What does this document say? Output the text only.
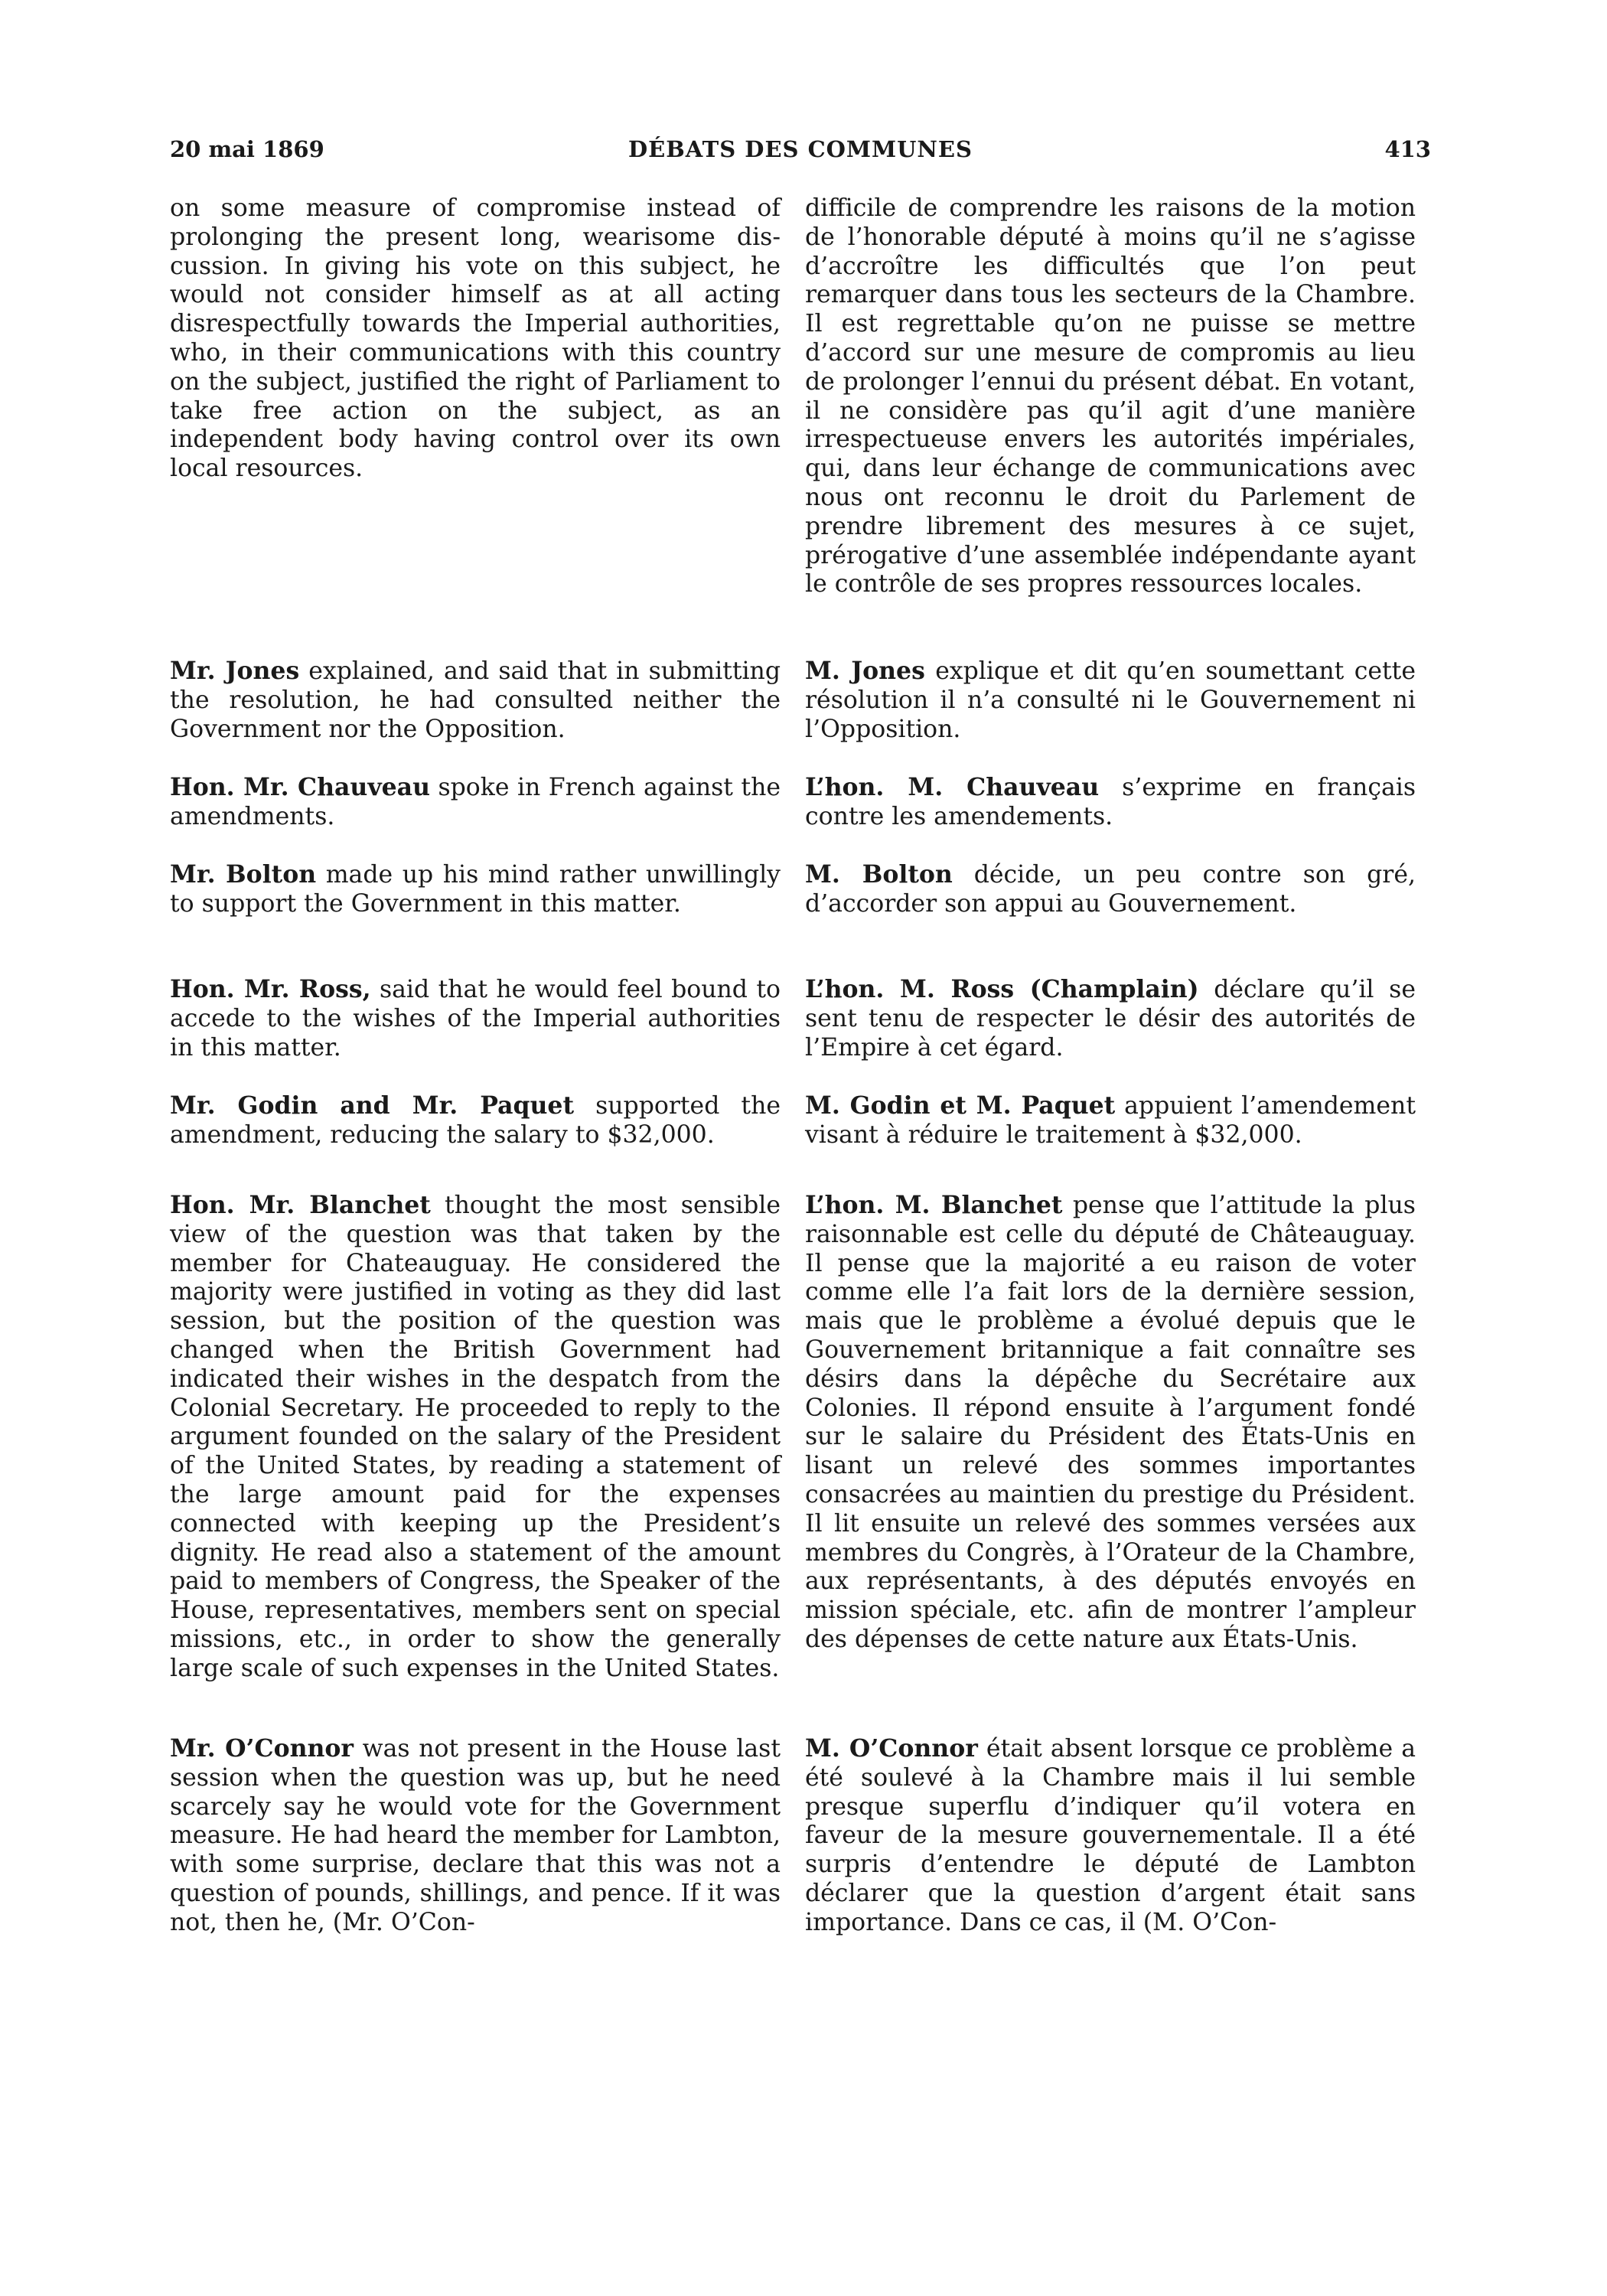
20 mai 1869	DÉBATS DES COMMUNES	413

on some measure of compromise instead of prolonging the present long, wearisome discussion. In giving his vote on this subject, he would not consider himself as at all acting disrespectfully towards the Imperial authorities, who, in their communications with this country on the subject, justified the right of Parliament to take free action on the subject, as an independent body having control over its own local resources.

Mr. Jones explained, and said that in submitting the resolution, he had consulted neither the Government nor the Opposition.

Hon. Mr. Chauveau spoke in French against the amendments.

Mr. Bolton made up his mind rather unwillingly to support the Government in this matter.

Hon. Mr. Ross, said that he would feel bound to accede to the wishes of the Imperial authorities in this matter.

Mr. Godin and Mr. Paquet supported the amendment, reducing the salary to $32,000.

Hon. Mr. Blanchet thought the most sensible view of the question was that taken by the member for Chateauguay. He considered the majority were justified in voting as they did last session, but the position of the question was changed when the British Government had indicated their wishes in the despatch from the Colonial Secretary. He proceeded to reply to the argument founded on the salary of the President of the United States, by reading a statement of the large amount paid for the expenses connected with keeping up the President’s dignity. He read also a statement of the amount paid to members of Congress, the Speaker of the House, representatives, members sent on special missions, etc., in order to show the generally large scale of such expenses in the United States.

Mr. O’Connor was not present in the House last session when the question was up, but he need scarcely say he would vote for the Government measure. He had heard the member for Lambton, with some surprise, declare that this was not a question of pounds, shillings, and pence. If it was not, then he, (Mr. O’Con-

difficile de comprendre les raisons de la motion de l’honorable député à moins qu’il ne s’agisse d’accroître les difficultés que l’on peut remarquer dans tous les secteurs de la Chambre. Il est regrettable qu’on ne puisse se mettre d’accord sur une mesure de compromis au lieu de prolonger l’ennui du présent débat. En votant, il ne considère pas qu’il agit d’une manière irrespectueuse envers les autorités impériales, qui, dans leur échange de communications avec nous ont reconnu le droit du Parlement de prendre librement des mesures à ce sujet, prérogative d’une assemblée indépendante ayant le contrôle de ses propres ressources locales.

M. Jones explique et dit qu’en soumettant cette résolution il n’a consulté ni le Gouvernement ni l’Opposition.

L’hon. M. Chauveau s’exprime en français contre les amendements.

M. Bolton décide, un peu contre son gré, d’accorder son appui au Gouvernement.

L’hon. M. Ross (Champlain) déclare qu’il se sent tenu de respecter le désir des autorités de l’Empire à cet égard.

M. Godin et M. Paquet appuient l’amendement visant à réduire le traitement à $32,000.

L’hon. M. Blanchet pense que l’attitude la plus raisonnable est celle du député de Châteauguay. Il pense que la majorité a eu raison de voter comme elle l’a fait lors de la dernière session, mais que le problème a évolué depuis que le Gouvernement britannique a fait connaître ses désirs dans la dépêche du Secrétaire aux Colonies. Il répond ensuite à l’argument fondé sur le salaire du Président des États-Unis en lisant un relevé des sommes importantes consacrées au maintien du prestige du Président. Il lit ensuite un relevé des sommes versées aux membres du Congrès, à l’Orateur de la Chambre, aux représentants, à des députés envoyés en mission spéciale, etc. afin de montrer l’ampleur des dépenses de cette nature aux États-Unis.

M. O’Connor était absent lorsque ce problème a été soulevé à la Chambre mais il lui semble presque superflu d’indiquer qu’il votera en faveur de la mesure gouvernementale. Il a été surpris d’entendre le député de Lambton déclarer que la question d’argent était sans importance. Dans ce cas, il (M. O’Con-
